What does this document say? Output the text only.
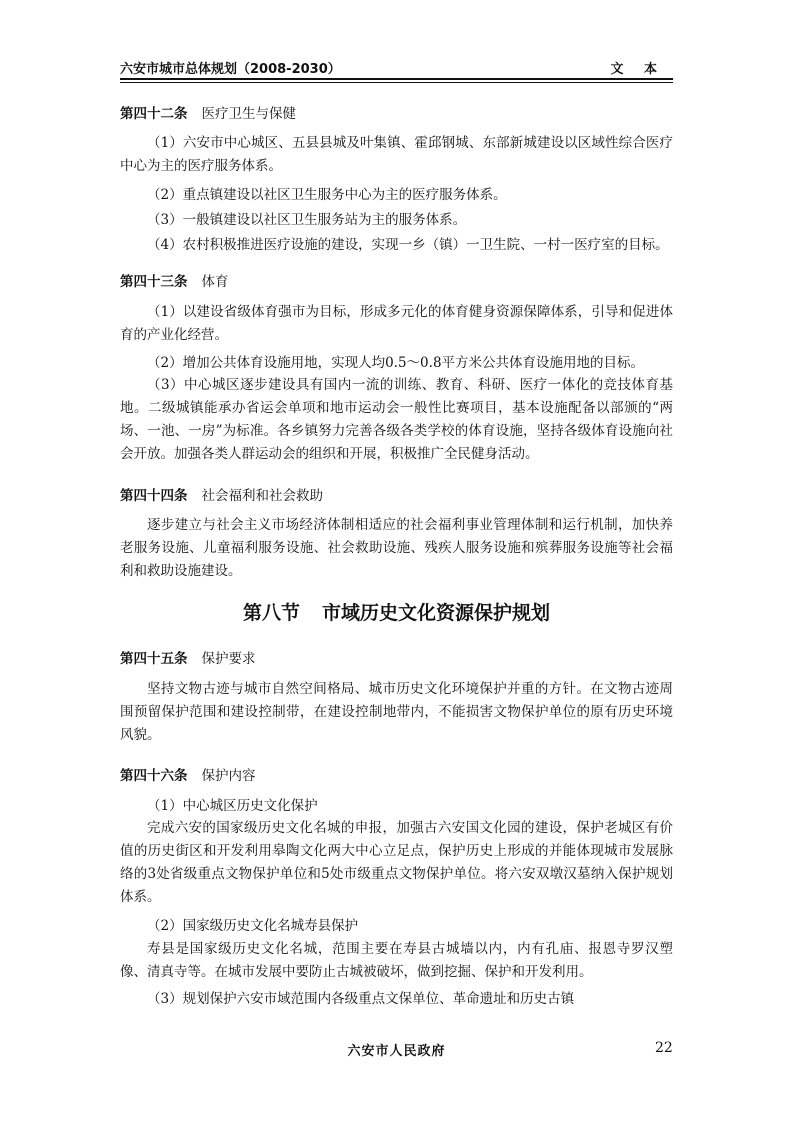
六安市城市总体规划（2008-2030）	文 本
第四十二条 医疗卫生与保健
（1）六安市中心城区、五县县城及叶集镇、霍邱钢城、东部新城建设以区域性综合医疗中心为主的医疗服务体系。
（2）重点镇建设以社区卫生服务中心为主的医疗服务体系。
（3）一般镇建设以社区卫生服务站为主的服务体系。
（4）农村积极推进医疗设施的建设，实现一乡（镇）一卫生院、一村一医疗室的目标。
第四十三条 体育
（1）以建设省级体育强市为目标，形成多元化的体育健身资源保障体系，引导和促进体育的产业化经营。
（2）增加公共体育设施用地，实现人均0.5～0.8平方米公共体育设施用地的目标。
（3）中心城区逐步建设具有国内一流的训练、教育、科研、医疗一体化的竞技体育基地。二级城镇能承办省运会单项和地市运动会一般性比赛项目，基本设施配备以部颁的“两场、一池、一房”为标准。各乡镇努力完善各级各类学校的体育设施，坚持各级体育设施向社会开放。加强各类人群运动会的组织和开展，积极推广全民健身活动。
第四十四条 社会福利和社会救助
逐步建立与社会主义市场经济体制相适应的社会福利事业管理体制和运行机制，加快养老服务设施、儿童福利服务设施、社会救助设施、残疾人服务设施和殡葬服务设施等社会福利和救助设施建设。
第八节 市域历史文化资源保护规划
第四十五条 保护要求
坚持文物古迹与城市自然空间格局、城市历史文化环境保护并重的方针。在文物古迹周围预留保护范围和建设控制带，在建设控制地带内，不能损害文物保护单位的原有历史环境风貌。
第四十六条 保护内容
（1）中心城区历史文化保护
完成六安的国家级历史文化名城的申报，加强古六安国文化园的建设，保护老城区有价值的历史街区和开发利用皋陶文化两大中心立足点，保护历史上形成的并能体现城市发展脉络的3处省级重点文物保护单位和5处市级重点文物保护单位。将六安双墩汉墓纳入保护规划体系。
（2）国家级历史文化名城寿县保护
寿县是国家级历史文化名城，范围主要在寿县古城墙以内，内有孔庙、报恩寺罗汉塑像、清真寺等。在城市发展中要防止古城被破坏，做到挖掘、保护和开发利用。
（3）规划保护六安市域范围内各级重点文保单位、革命遗址和历史古镇
六安市人民政府	22
